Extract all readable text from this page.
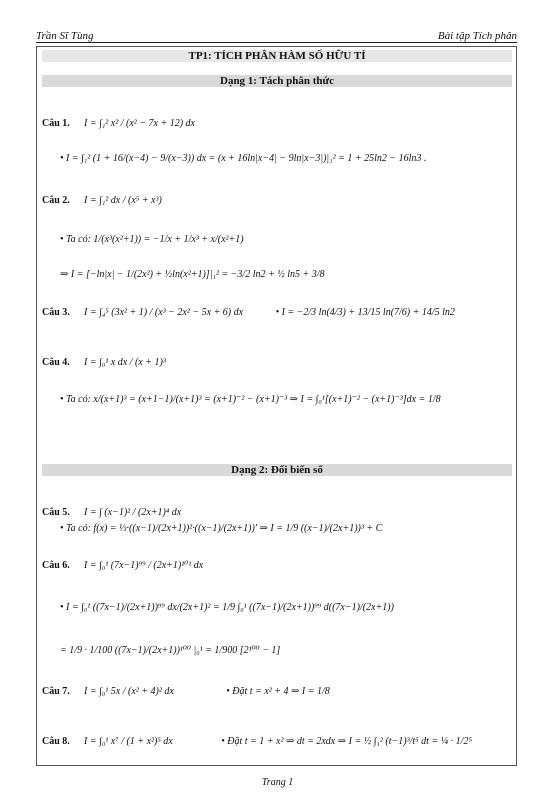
Trần Sĩ Tùng	Bài tập Tích phân
TP1: TÍCH PHÂN HÀM SỐ HỮU TỈ
Dạng 1: Tách phân thức
Dạng 2: Đổi biến số
Câu 1. I = ∫₁² x² / (x² − 7x + 12) dx
• I = ∫₁² (1 + 16/(x−4) − 9/(x−3)) dx = (x + 16ln|x−4| − 9ln|x−3|)|₁² = 1 + 25ln2 − 16ln3 .
Câu 2. I = ∫₁² dx / (x⁵ + x³)
• Ta có: 1/(x³(x²+1)) = −1/x + 1/x³ + x/(x²+1)
⇒ I = [−ln|x| − 1/(2x²) + ½ln(x²+1)]|₁² = −3/2 ln2 + ½ ln5 + 3/8
Câu 3. I = ∫₄⁵ (3x² + 1) / (x³ − 2x² − 5x + 6) dx	• I = −2/3 ln(4/3) + 13/15 ln(7/6) + 14/5 ln2
Câu 4. I = ∫₀¹ x dx / (x + 1)³
• Ta có: x/(x+1)³ = (x+1−1)/(x+1)³ = (x+1)⁻² − (x+1)⁻³ ⇒ I = ∫₀¹[(x+1)⁻² − (x+1)⁻³]dx = 1/8
Câu 5. I = ∫ (x−1)² / (2x+1)⁴ dx
• Ta có: f(x) = ⅓·((x−1)/(2x+1))²·((x−1)/(2x+1))′ ⇒ I = 1/9 ((x−1)/(2x+1))³ + C
Câu 6. I = ∫₀¹ (7x−1)⁹⁹ / (2x+1)¹⁰¹ dx
• I = ∫₀¹ ((7x−1)/(2x+1))⁹⁹ dx/(2x+1)² = 1/9 ∫₀¹ ((7x−1)/(2x+1))⁹⁹ d((7x−1)/(2x+1))
= 1/9 · 1/100 ((7x−1)/(2x+1))¹⁰⁰ |₀¹ = 1/900 [2¹⁰⁰ − 1]
Câu 7. I = ∫₀¹ 5x / (x² + 4)² dx	• Đặt t = x² + 4 ⇒ I = 1/8
Câu 8. I = ∫₀¹ x⁷ / (1 + x²)⁵ dx	• Đặt t = 1 + x² ⇒ dt = 2xdx ⇒ I = ½ ∫₁² (t−1)³/t⁵ dt = ¼ · 1/2⁵
Trang 1
